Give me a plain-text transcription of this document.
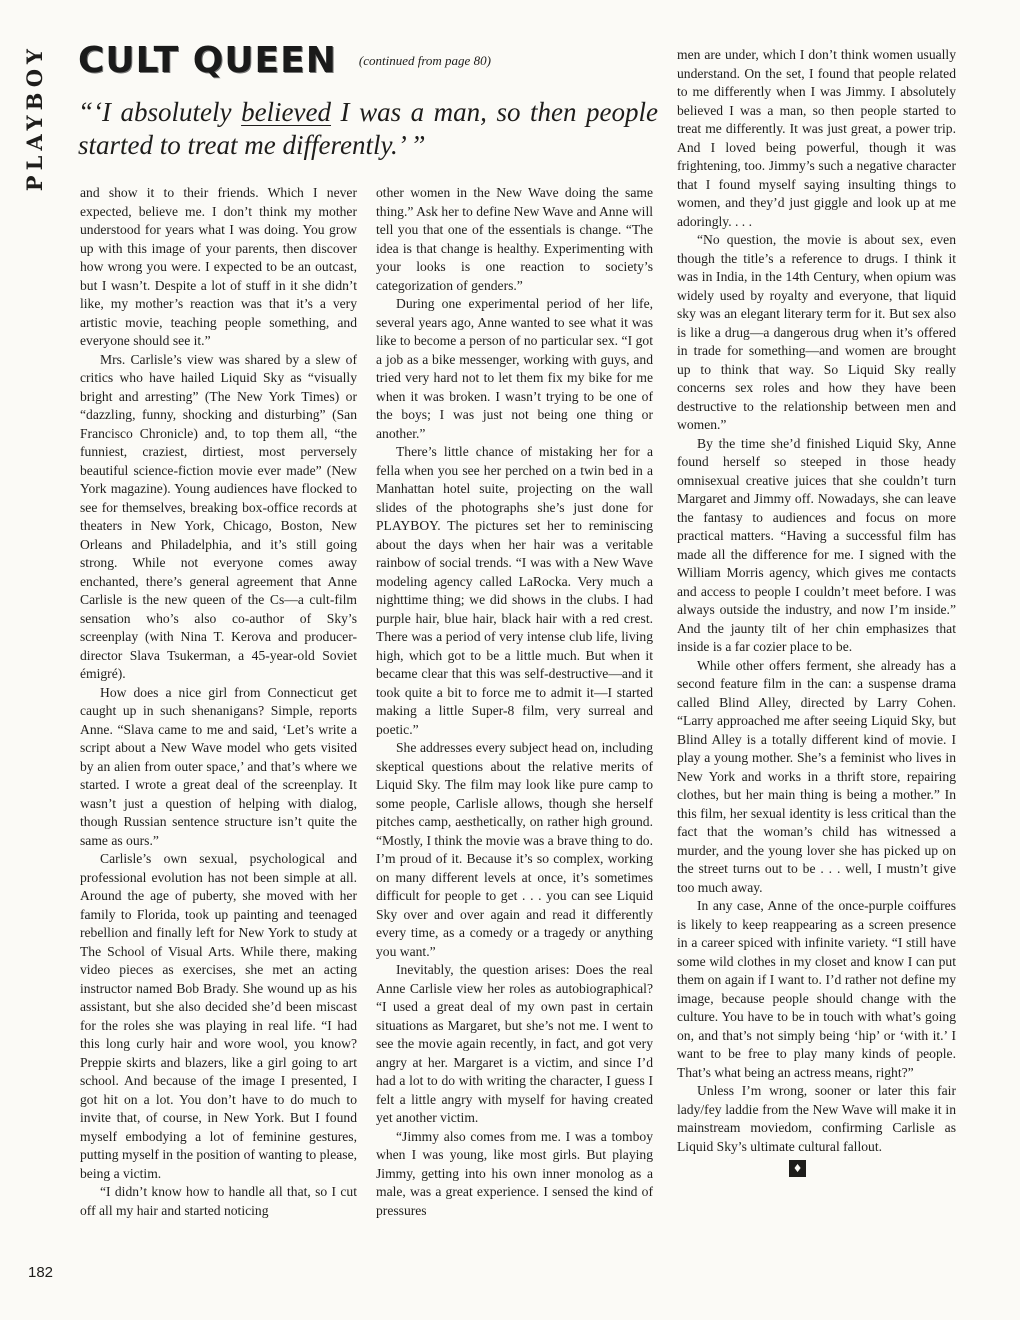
PLAYBOY CULT QUEEN (continued from page 80)
“‘I absolutely believed I was a man, so then people started to treat me differently.’ ”

and show it to their friends. Which I never expected, believe me. I don’t think my mother understood for years what I was doing. You grow up with this image of your parents, then discover how wrong you were. I expected to be an outcast, but I wasn’t. Despite a lot of stuff in it she didn’t like, my mother’s reaction was that it’s a very artistic movie, teaching people something, and everyone should see it.”

Mrs. Carlisle’s view was shared by a slew of critics who have hailed Liquid Sky as “visually bright and arresting” (The New York Times) or “dazzling, funny, shocking and disturbing” (San Francisco Chronicle) and, to top them all, “the funniest, craziest, dirtiest, most perversely beautiful science-fiction movie ever made” (New York magazine). Young audiences have flocked to see for themselves, breaking box-office records at theaters in New York, Chicago, Boston, New Orleans and Philadelphia, and it’s still going strong. While not everyone comes away enchanted, there’s general agreement that Anne Carlisle is the new queen of the Cs—a cult-film sensation who’s also co-author of Sky’s screenplay (with Nina T. Kerova and producer-director Slava Tsukerman, a 45-year-old Soviet émigré).

How does a nice girl from Connecticut get caught up in such shenanigans? Simple, reports Anne. “Slava came to me and said, ‘Let’s write a script about a New Wave model who gets visited by an alien from outer space,’ and that’s where we started. I wrote a great deal of the screenplay. It wasn’t just a question of helping with dialog, though Russian sentence structure isn’t quite the same as ours.”

Carlisle’s own sexual, psychological and professional evolution has not been simple at all. Around the age of puberty, she moved with her family to Florida, took up painting and teenaged rebellion and finally left for New York to study at The School of Visual Arts. While there, making video pieces as exercises, she met an acting instructor named Bob Brady. She wound up as his assistant, but she also decided she’d been miscast for the roles she was playing in real life. “I had this long curly hair and wore wool, you know? Preppie skirts and blazers, like a girl going to art school. And because of the image I presented, I got hit on a lot. You don’t have to do much to invite that, of course, in New York. But I found myself embodying a lot of feminine gestures, putting myself in the position of wanting to please, being a victim.

“I didn’t know how to handle all that, so I cut off all my hair and started noticing

other women in the New Wave doing the same thing.” Ask her to define New Wave and Anne will tell you that one of the essentials is change. “The idea is that change is healthy. Experimenting with your looks is one reaction to society’s categorization of genders.”

During one experimental period of her life, several years ago, Anne wanted to see what it was like to become a person of no particular sex. “I got a job as a bike messenger, working with guys, and tried very hard not to let them fix my bike for me when it was broken. I wasn’t trying to be one of the boys; I was just not being one thing or another.”

There’s little chance of mistaking her for a fella when you see her perched on a twin bed in a Manhattan hotel suite, projecting on the wall slides of the photographs she’s just done for PLAYBOY. The pictures set her to reminiscing about the days when her hair was a veritable rainbow of social trends. “I was with a New Wave modeling agency called LaRocka. Very much a nighttime thing; we did shows in the clubs. I had purple hair, blue hair, black hair with a red crest. There was a period of very intense club life, living high, which got to be a little much. But when it became clear that this was self-destructive—and it took quite a bit to force me to admit it—I started making a little Super-8 film, very surreal and poetic.”

She addresses every subject head on, including skeptical questions about the relative merits of Liquid Sky. The film may look like pure camp to some people, Carlisle allows, though she herself pitches camp, aesthetically, on rather high ground. “Mostly, I think the movie was a brave thing to do. I’m proud of it. Because it’s so complex, working on many different levels at once, it’s sometimes difficult for people to get . . . you can see Liquid Sky over and over again and read it differently every time, as a comedy or a tragedy or anything you want.”

Inevitably, the question arises: Does the real Anne Carlisle view her roles as autobiographical? “I used a great deal of my own past in certain situations as Margaret, but she’s not me. I went to see the movie again recently, in fact, and got very angry at her. Margaret is a victim, and since I’d had a lot to do with writing the character, I guess I felt a little angry with myself for having created yet another victim.

“Jimmy also comes from me. I was a tomboy when I was young, like most girls. But playing Jimmy, getting into his own inner monolog as a male, was a great experience. I sensed the kind of pressures

men are under, which I don’t think women usually understand. On the set, I found that people related to me differently when I was Jimmy. I absolutely believed I was a man, so then people started to treat me differently. It was just great, a power trip. And I loved being powerful, though it was frightening, too. Jimmy’s such a negative character that I found myself saying insulting things to women, and they’d just giggle and look up at me adoringly. . . .

“No question, the movie is about sex, even though the title’s a reference to drugs. I think it was in India, in the 14th Century, when opium was widely used by royalty and everyone, that liquid sky was an elegant literary term for it. But sex also is like a drug—a dangerous drug when it’s offered in trade for something—and women are brought up to think that way. So Liquid Sky really concerns sex roles and how they have been destructive to the relationship between men and women.”

By the time she’d finished Liquid Sky, Anne found herself so steeped in those heady omnisexual creative juices that she couldn’t turn Margaret and Jimmy off. Nowadays, she can leave the fantasy to audiences and focus on more practical matters. “Having a successful film has made all the difference for me. I signed with the William Morris agency, which gives me contacts and access to people I couldn’t meet before. I was always outside the industry, and now I’m inside.” And the jaunty tilt of her chin emphasizes that inside is a far cozier place to be.

While other offers ferment, she already has a second feature film in the can: a suspense drama called Blind Alley, directed by Larry Cohen. “Larry approached me after seeing Liquid Sky, but Blind Alley is a totally different kind of movie. I play a young mother. She’s a feminist who lives in New York and works in a thrift store, repairing clothes, but her main thing is being a mother.” In this film, her sexual identity is less critical than the fact that the woman’s child has witnessed a murder, and the young lover she has picked up on the street turns out to be . . . well, I mustn’t give too much away.

In any case, Anne of the once-purple coiffures is likely to keep reappearing as a screen presence in a career spiced with infinite variety. “I still have some wild clothes in my closet and know I can put them on again if I want to. I’d rather not define my image, because people should change with the culture. You have to be in touch with what’s going on, and that’s not simply being ‘hip’ or ‘with it.’ I want to be free to play many kinds of people. That’s what being an actress means, right?”

Unless I’m wrong, sooner or later this fair lady/fey laddie from the New Wave will make it in mainstream moviedom, confirming Carlisle as Liquid Sky’s ultimate cultural fallout.

♦
182
